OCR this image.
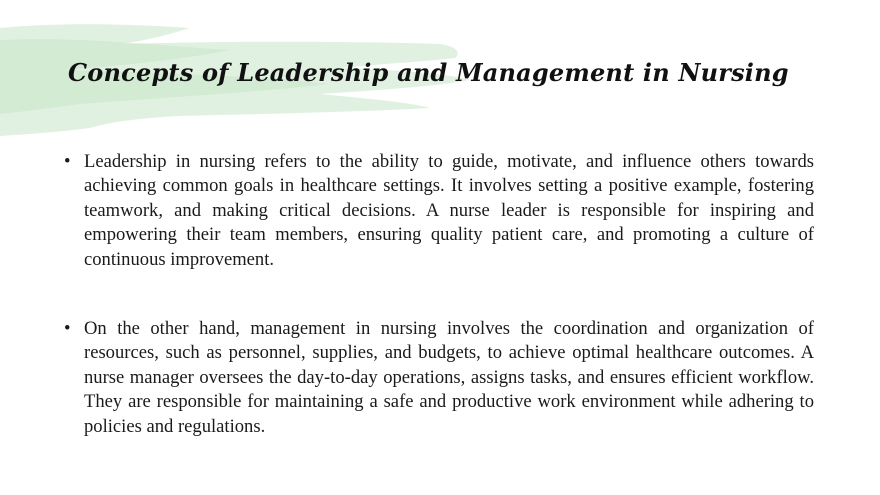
Concepts of Leadership and Management in Nursing
• Leadership in nursing refers to the ability to guide, motivate, and influence others towards achieving common goals in healthcare settings. It involves setting a positive example, fostering teamwork, and making critical decisions. A nurse leader is responsible for inspiring and empowering their team members, ensuring quality patient care, and promoting a culture of continuous improvement.
• On the other hand, management in nursing involves the coordination and organization of resources, such as personnel, supplies, and budgets, to achieve optimal healthcare outcomes. A nurse manager oversees the day-to-day operations, assigns tasks, and ensures efficient workflow. They are responsible for maintaining a safe and productive work environment while adhering to policies and regulations.
